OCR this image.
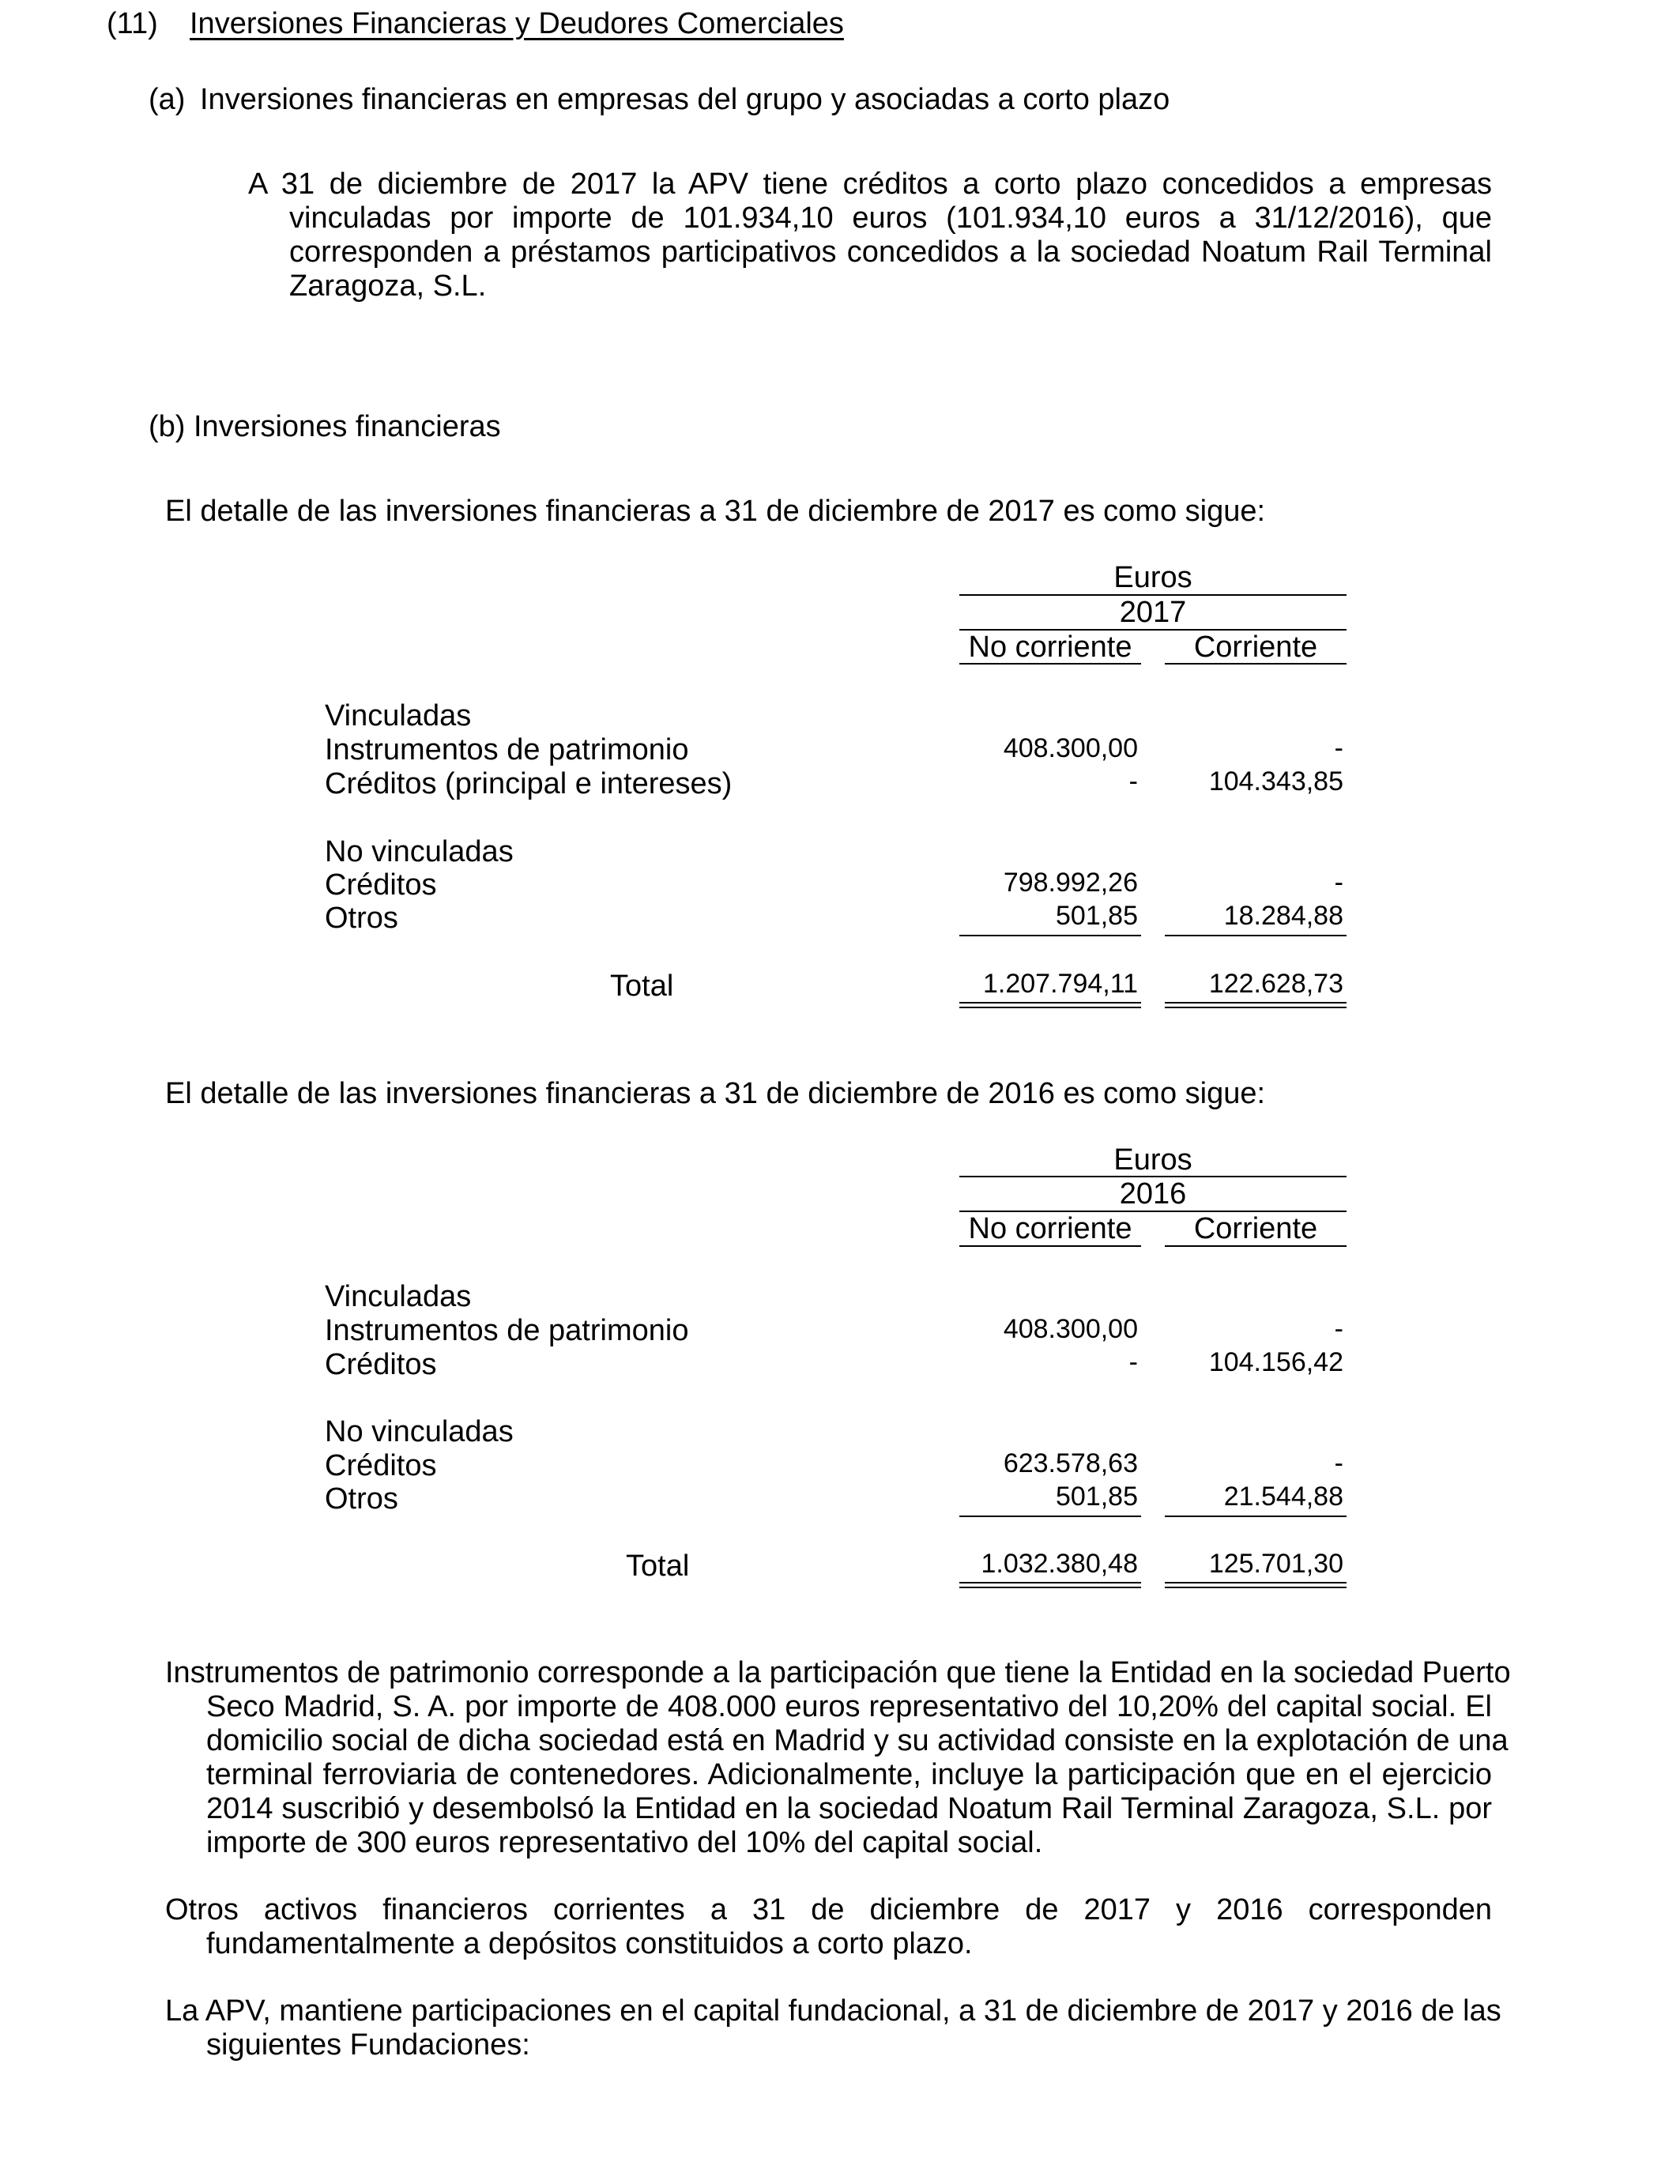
(11) Inversiones Financieras y Deudores Comerciales
(a) Inversiones financieras en empresas del grupo y asociadas a corto plazo
A 31 de diciembre de 2017 la APV tiene créditos a corto plazo concedidos a empresas
vinculadas por importe de 101.934,10 euros (101.934,10 euros a 31/12/2016), que
corresponden a préstamos participativos concedidos a la sociedad Noatum Rail Terminal
Zaragoza, S.L.
(b) Inversiones financieras
El detalle de las inversiones financieras a 31 de diciembre de 2017 es como sigue:
Euros
2017
No corriente	Corriente
Vinculadas
Instrumentos de patrimonio	408.300,00	-
Créditos (principal e intereses)	-	104.343,85
No vinculadas
Créditos	798.992,26	-
Otros	501,85	18.284,88
Total	1.207.794,11	122.628,73
El detalle de las inversiones financieras a 31 de diciembre de 2016 es como sigue:
Euros
2016
No corriente	Corriente
Vinculadas
Instrumentos de patrimonio	408.300,00	-
Créditos	-	104.156,42
No vinculadas
Créditos	623.578,63	-
Otros	501,85	21.544,88
Total	1.032.380,48	125.701,30
Instrumentos de patrimonio corresponde a la participación que tiene la Entidad en la sociedad Puerto
Seco Madrid, S. A. por importe de 408.000 euros representativo del 10,20% del capital social. El
domicilio social de dicha sociedad está en Madrid y su actividad consiste en la explotación de una
terminal ferroviaria de contenedores. Adicionalmente, incluye la participación que en el ejercicio
2014 suscribió y desembolsó la Entidad en la sociedad Noatum Rail Terminal Zaragoza, S.L. por
importe de 300 euros representativo del 10% del capital social.
Otros activos financieros corrientes a 31 de diciembre de 2017 y 2016 corresponden
fundamentalmente a depósitos constituidos a corto plazo.
La APV, mantiene participaciones en el capital fundacional, a 31 de diciembre de 2017 y 2016 de las
siguientes Fundaciones:
